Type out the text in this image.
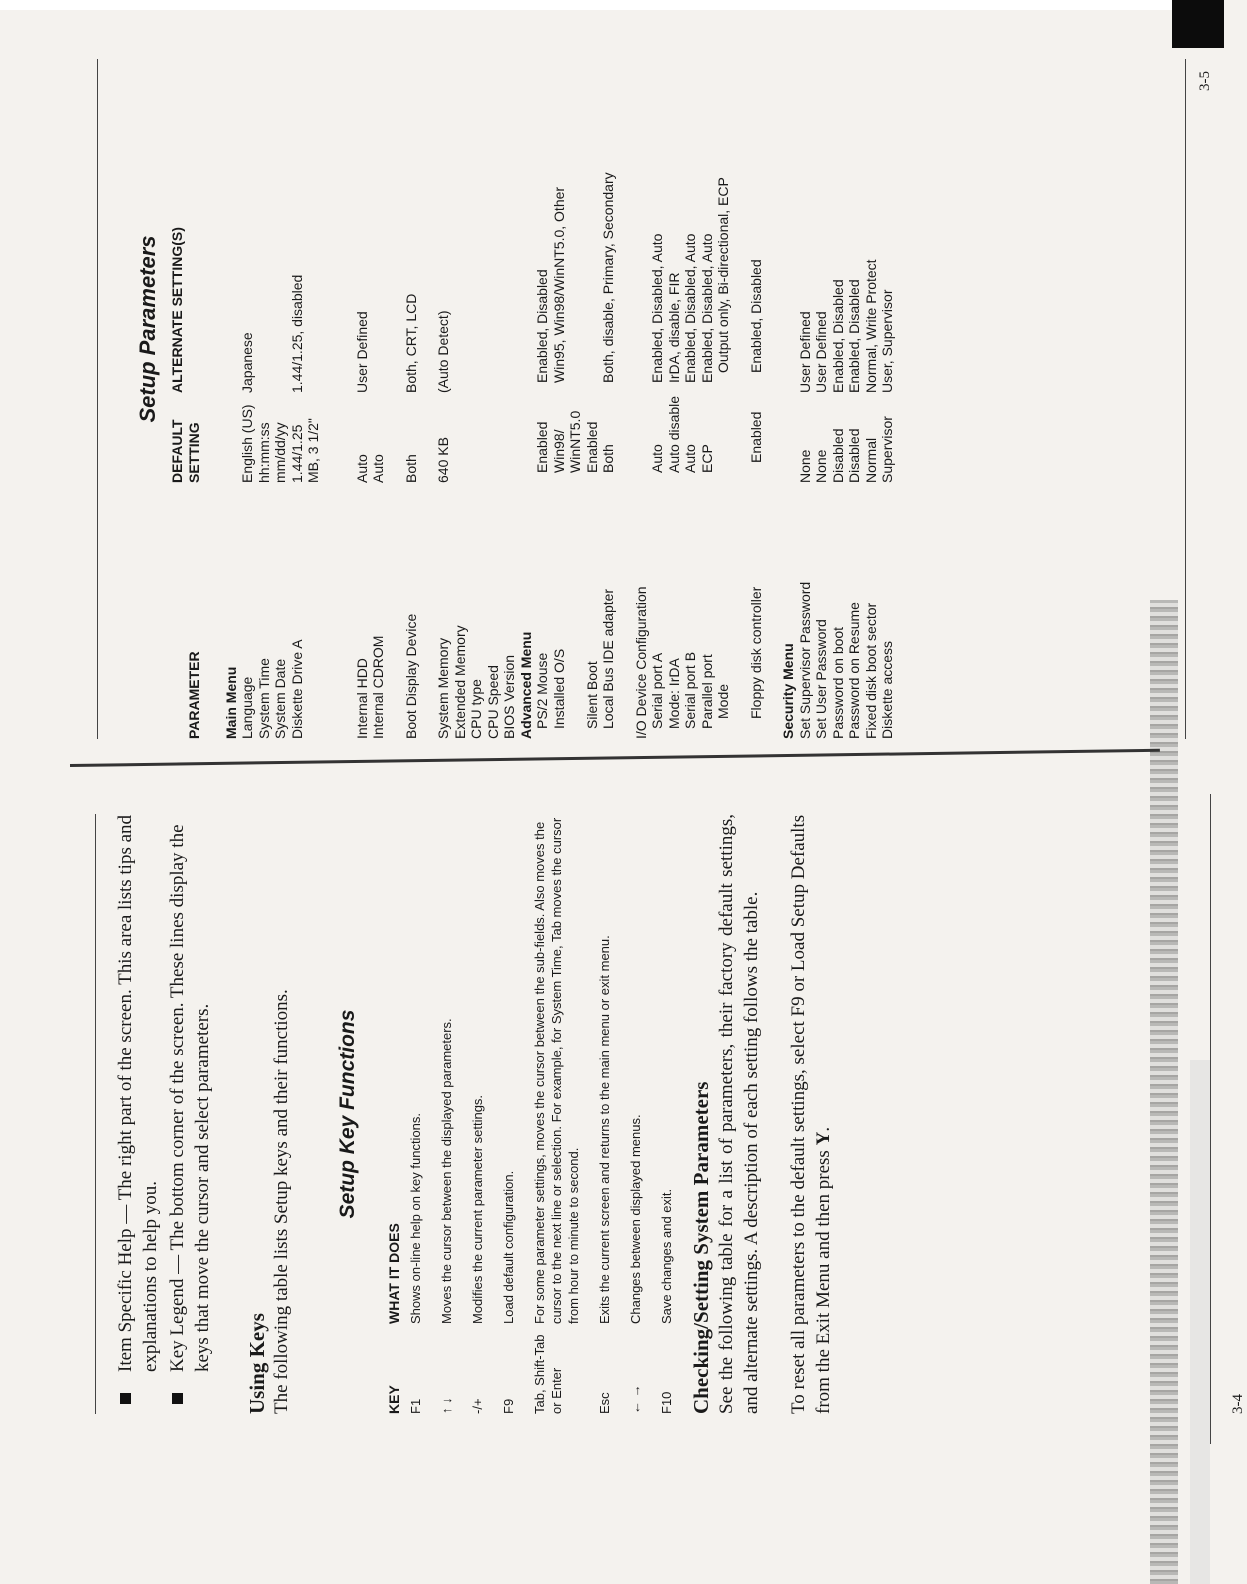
Item Specific Help — The right part of the screen. This area lists tips and explanations to help you. Key Legend — The bottom corner of the screen. These lines display the keys that move the cursor and select parameters. Using Keys The following table lists Setup keys and their functions. Setup Key Functions
KEY
WHAT IT DOES
F1
Shows on-line help on key functions.
↑ ↓
Moves the cursor between the displayed parameters.
-/+
Modifies the current parameter settings.
F9
Load default configuration.
Tab, Shift-Tab or Enter
For some parameter settings, moves the cursor between the sub-fields. Also moves the cursor to the next line or selection. For example, for System Time, Tab moves the cursor from hour to minute to second.
Esc
Exits the current screen and returns to the main menu or exit menu.
← →
Changes between displayed menus.
F10
Save changes and exit. Checking/Setting System Parameters See the following table for a list of parameters, their factory default settings, and alternate settings. A description of each setting follows the table. To reset all parameters to the default settings, select F9 or Load Setup Defaults from the Exit Menu and then press Y.
3-4
Setup Parameters
PARAMETER
DEFAULT SETTING
ALTERNATE SETTING(S)
Main Menu Language
English (US)
Japanese
System Time
hh:mm:ss
System Date
mm/dd/yy
Diskette Drive A
1.44/1.25 MB, 3 1/2"
1.44/1.25, disabled
Internal HDD
Auto
User Defined
Internal CDROM
Auto
Boot Display Device
Both
Both, CRT, LCD
System Memory
640 KB
(Auto Detect)
Extended Memory CPU type CPU Speed BIOS Version Advanced Menu PS/2 Mouse
Enabled
Enabled, Disabled
Installed O/S
Win98/ WinNT5.0
Win95, Win98/WinNT5.0, Other
Silent Boot
Enabled
Local Bus IDE adapter
Both
Both, disable, Primary, Secondary
I/O Device Configuration Serial port A
Auto
Enabled, Disabled, Auto
Mode: IrDA
Auto disable
IrDA, disable, FIR
Serial port B
Auto
Enabled, Disabled, Auto
Parallel port
ECP
Enabled, Disabled, Auto
Mode
Output only, Bi-directional, ECP
Floppy disk controller
Enabled
Enabled, Disabled
Security Menu Set Supervisor Password
None
User Defined
Set User Password
None
User Defined
Password on boot
Disabled
Enabled, Disabled
Password on Resume
Disabled
Enabled, Disabled
Fixed disk boot sector
Normal
Normal, Write Protect
Diskette access
Supervisor
User, Supervisor
3-5
